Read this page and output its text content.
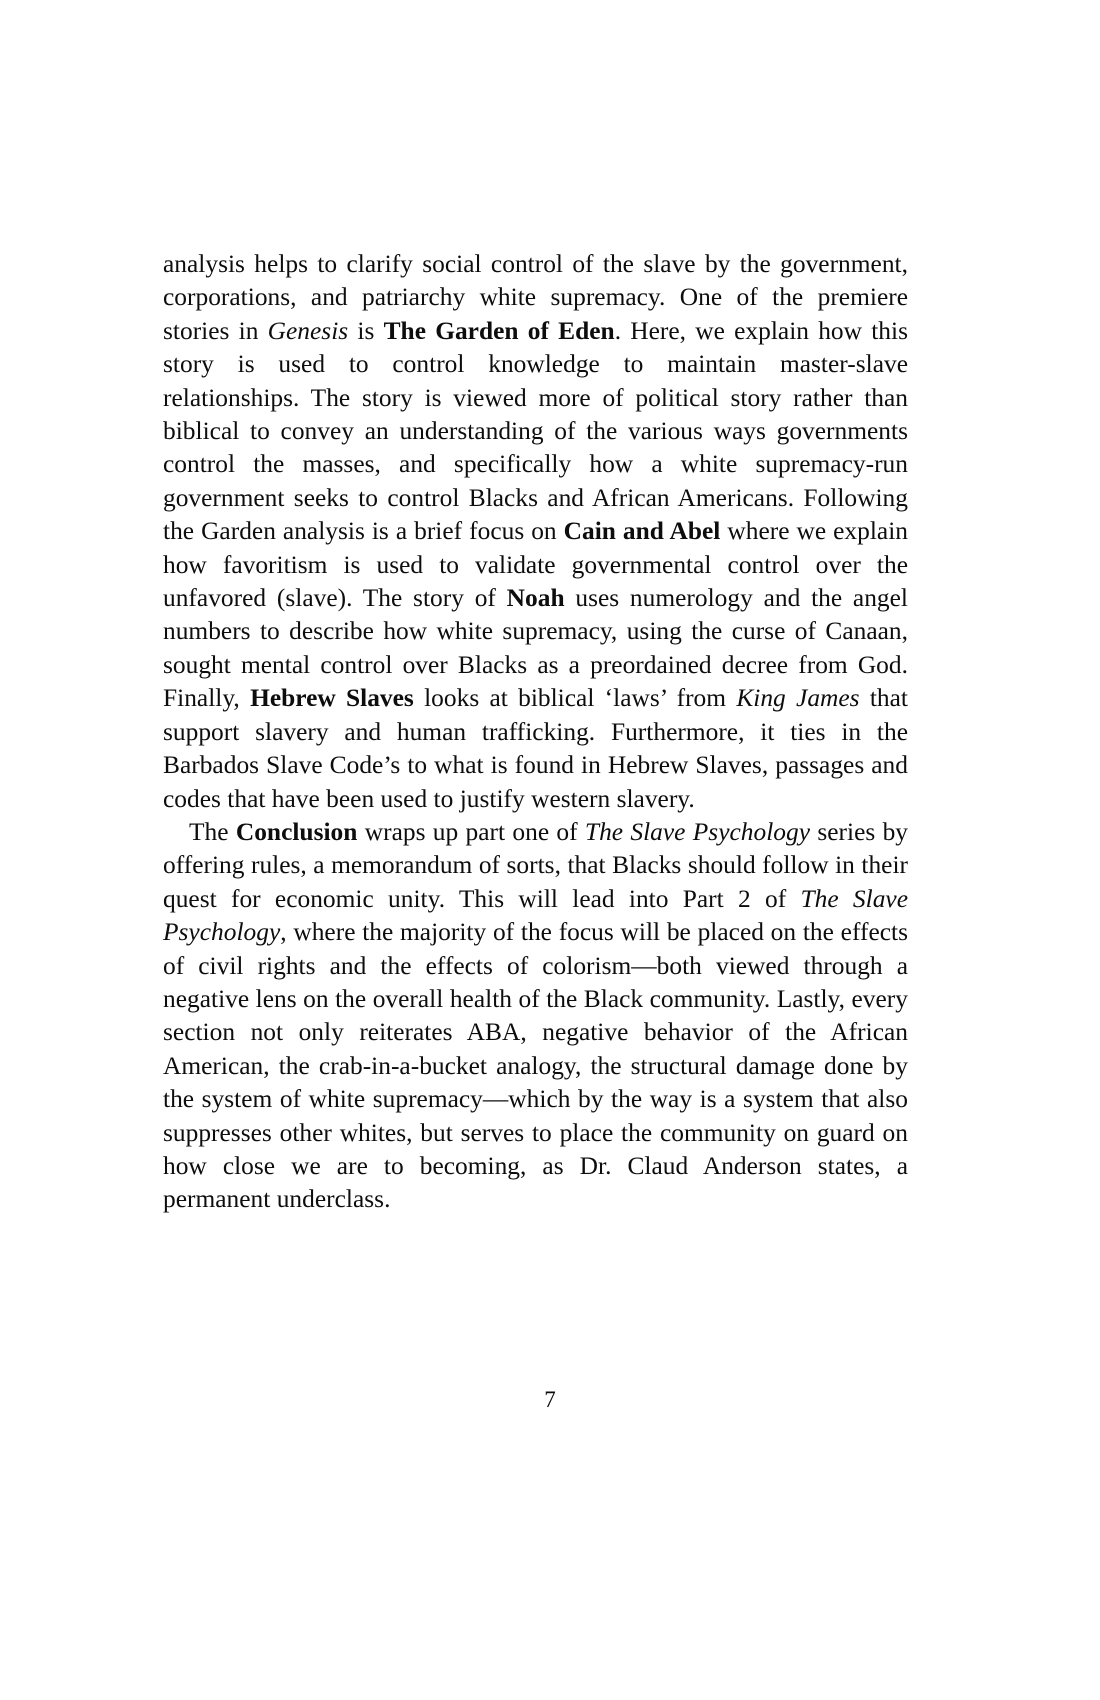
analysis helps to clarify social control of the slave by the government, corporations, and patriarchy white supremacy. One of the premiere stories in Genesis is The Garden of Eden. Here, we explain how this story is used to control knowledge to maintain master-slave relationships. The story is viewed more of political story rather than biblical to convey an understanding of the various ways governments control the masses, and specifically how a white supremacy-run government seeks to control Blacks and African Americans. Following the Garden analysis is a brief focus on Cain and Abel where we explain how favoritism is used to validate governmental control over the unfavored (slave). The story of Noah uses numerology and the angel numbers to describe how white supremacy, using the curse of Canaan, sought mental control over Blacks as a preordained decree from God. Finally, Hebrew Slaves looks at biblical ‘laws’ from King James that support slavery and human trafficking. Furthermore, it ties in the Barbados Slave Code’s to what is found in Hebrew Slaves, passages and codes that have been used to justify western slavery.

The Conclusion wraps up part one of The Slave Psychology series by offering rules, a memorandum of sorts, that Blacks should follow in their quest for economic unity. This will lead into Part 2 of The Slave Psychology, where the majority of the focus will be placed on the effects of civil rights and the effects of colorism—both viewed through a negative lens on the overall health of the Black community. Lastly, every section not only reiterates ABA, negative behavior of the African American, the crab-in-a-bucket analogy, the structural damage done by the system of white supremacy—which by the way is a system that also suppresses other whites, but serves to place the community on guard on how close we are to becoming, as Dr. Claud Anderson states, a permanent underclass.

7
